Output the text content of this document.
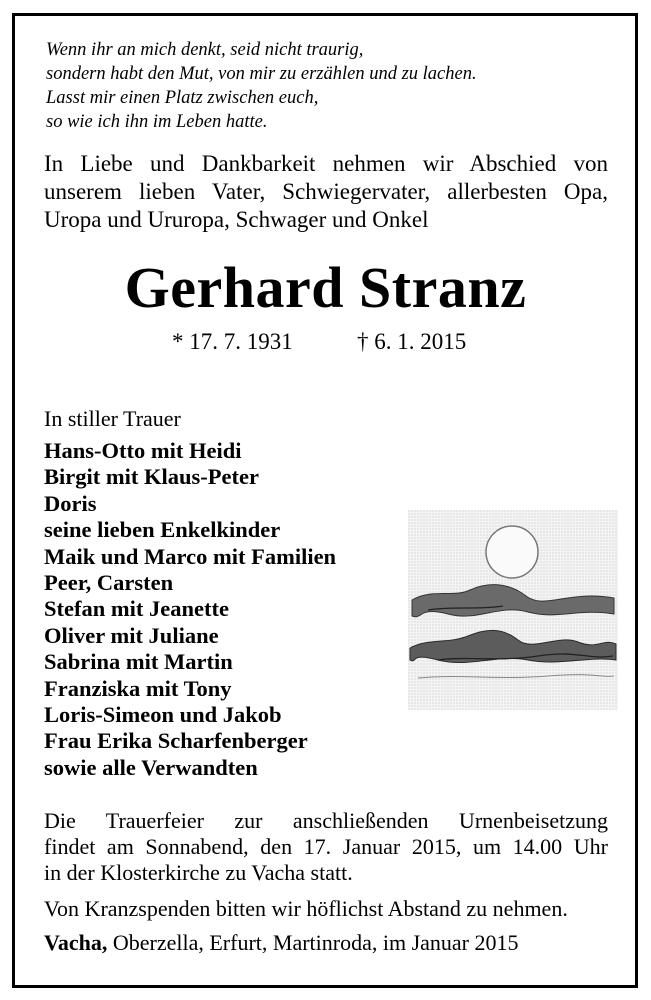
Wenn ihr an mich denkt, seid nicht traurig,
sondern habt den Mut, von mir zu erzählen und zu lachen.
Lasst mir einen Platz zwischen euch,
so wie ich ihn im Leben hatte.
In Liebe und Dankbarkeit nehmen wir Abschied von
unserem lieben Vater, Schwiegervater, allerbesten Opa,
Uropa und Ururopa, Schwager und Onkel
Gerhard Stranz
* 17. 7. 1931	† 6. 1. 2015
In stiller Trauer
Hans-Otto mit Heidi
Birgit mit Klaus-Peter
Doris
seine lieben Enkelkinder
Maik und Marco mit Familien
Peer, Carsten
Stefan mit Jeanette
Oliver mit Juliane
Sabrina mit Martin
Franziska mit Tony
Loris-Simeon und Jakob
Frau Erika Scharfenberger
sowie alle Verwandten
Die Trauerfeier zur anschließenden Urnenbeisetzung
findet am Sonnabend, den 17. Januar 2015, um 14.00 Uhr
in der Klosterkirche zu Vacha statt.
Von Kranzspenden bitten wir höflichst Abstand zu nehmen.
Vacha, Oberzella, Erfurt, Martinroda, im Januar 2015
